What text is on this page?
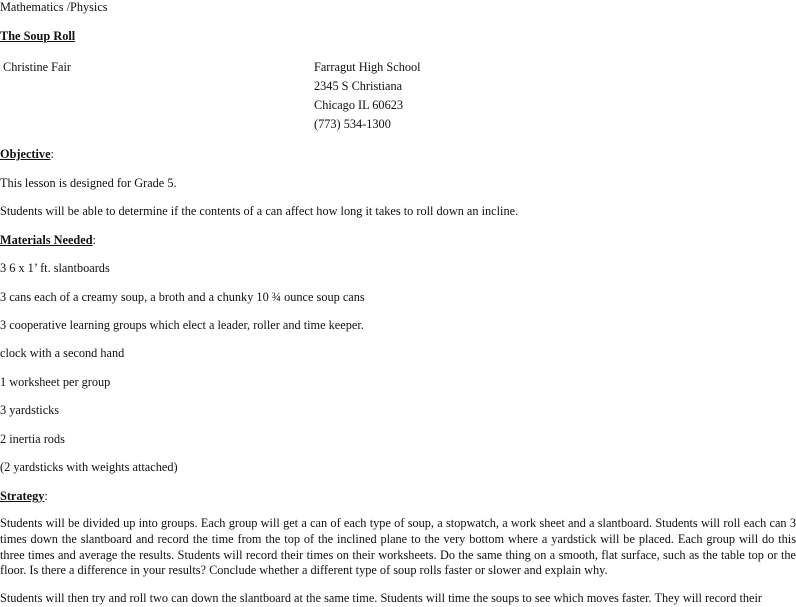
Mathematics /Physics
The Soup Roll
Christine Fair	Farragut High School
2345 S Christiana
Chicago IL 60623
(773) 534-1300
Objective:
This lesson is designed for Grade 5.
Students will be able to determine if the contents of a can affect how long it takes to roll down an incline.
Materials Needed:
3 6 x 1’ ft. slantboards
3 cans each of a creamy soup, a broth and a chunky 10 ¾ ounce soup cans
3 cooperative learning groups which elect a leader, roller and time keeper.
clock with a second hand
1 worksheet per group
3 yardsticks
2 inertia rods
(2 yardsticks with weights attached)
Strategy:
Students will be divided up into groups. Each group will get a can of each type of soup, a stopwatch, a work sheet and a slantboard. Students will roll each can 3 times down the slantboard and record the time from the top of the inclined plane to the very bottom where a yardstick will be placed. Each group will do this three times and average the results. Students will record their times on their worksheets. Do the same thing on a smooth, flat surface, such as the table top or the floor. Is there a difference in your results? Conclude whether a different type of soup rolls faster or slower and explain why.
Students will then try and roll two can down the slantboard at the same time. Students will time the soups to see which moves faster. They will record their
